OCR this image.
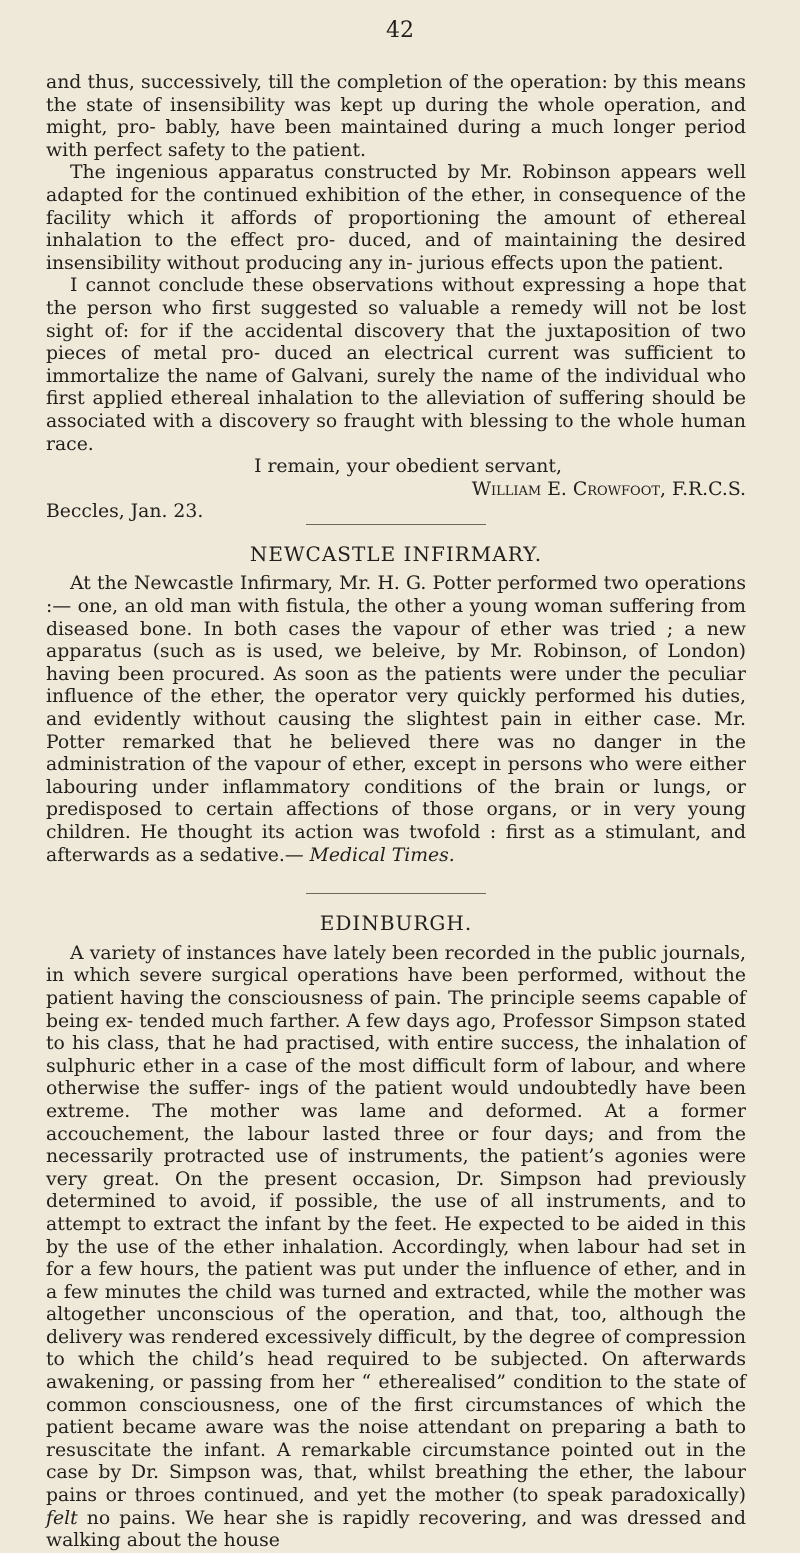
42

and thus, successively, till the completion of the operation: by this means the state of insensibility was kept up during the whole operation, and might, pro- bably, have been maintained during a much longer period with perfect safety to the patient.

The ingenious apparatus constructed by Mr. Robinson appears well adapted for the continued exhibition of the ether, in consequence of the facility which it affords of proportioning the amount of ethereal inhalation to the effect pro- duced, and of maintaining the desired insensibility without producing any in- jurious effects upon the patient.

I cannot conclude these observations without expressing a hope that the person who first suggested so valuable a remedy will not be lost sight of: for if the accidental discovery that the juxtaposition of two pieces of metal pro- duced an electrical current was sufficient to immortalize the name of Galvani, surely the name of the individual who first applied ethereal inhalation to the alleviation of suffering should be associated with a discovery so fraught with blessing to the whole human race.

I remain, your obedient servant,

William E. Crowfoot, F.R.C.S.

Beccles, Jan. 23.

NEWCASTLE INFIRMARY.

At the Newcastle Infirmary, Mr. H. G. Potter performed two operations :— one, an old man with fistula, the other a young woman suffering from diseased bone. In both cases the vapour of ether was tried ; a new apparatus (such as is used, we beleive, by Mr. Robinson, of London) having been procured. As soon as the patients were under the peculiar influence of the ether, the operator very quickly performed his duties, and evidently without causing the slightest pain in either case. Mr. Potter remarked that he believed there was no danger in the administration of the vapour of ether, except in persons who were either labouring under inflammatory conditions of the brain or lungs, or predisposed to certain affections of those organs, or in very young children. He thought its action was twofold : first as a stimulant, and afterwards as a sedative.— Medical Times.

EDINBURGH.

A variety of instances have lately been recorded in the public journals, in which severe surgical operations have been performed, without the patient having the consciousness of pain. The principle seems capable of being ex- tended much farther. A few days ago, Professor Simpson stated to his class, that he had practised, with entire success, the inhalation of sulphuric ether in a case of the most difficult form of labour, and where otherwise the suffer- ings of the patient would undoubtedly have been extreme. The mother was lame and deformed. At a former accouchement, the labour lasted three or four days; and from the necessarily protracted use of instruments, the patient’s agonies were very great. On the present occasion, Dr. Simpson had previously determined to avoid, if possible, the use of all instruments, and to attempt to extract the infant by the feet. He expected to be aided in this by the use of the ether inhalation. Accordingly, when labour had set in for a few hours, the patient was put under the influence of ether, and in a few minutes the child was turned and extracted, while the mother was altogether unconscious of the operation, and that, too, although the delivery was rendered excessively difficult, by the degree of compression to which the child’s head required to be subjected. On afterwards awakening, or passing from her “ etherealised” condition to the state of common consciousness, one of the first circumstances of which the patient became aware was the noise attendant on preparing a bath to resuscitate the infant. A remarkable circumstance pointed out in the case by Dr. Simpson was, that, whilst breathing the ether, the labour pains or throes continued, and yet the mother (to speak paradoxically) felt no pains. We hear she is rapidly recovering, and was dressed and walking about the house
